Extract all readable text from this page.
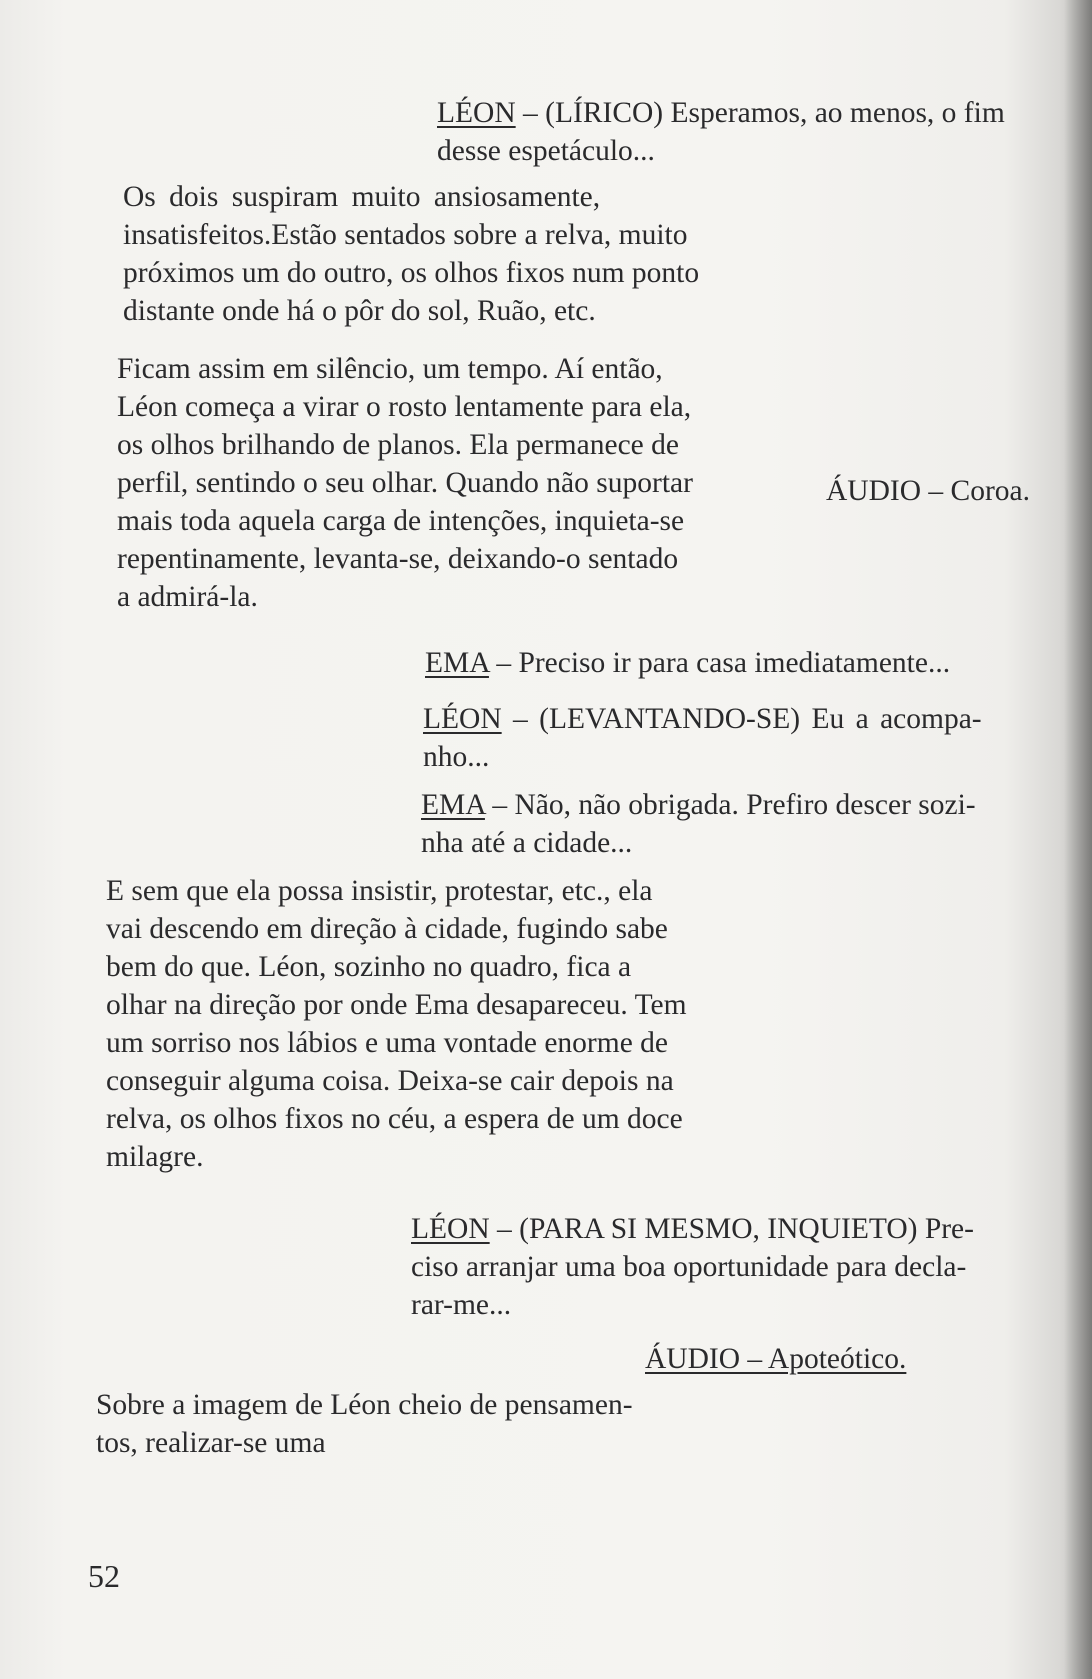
LÉON – (LÍRICO) Esperamos, ao menos, o fim
desse espetáculo...
Os dois suspiram muito ansiosamente,
insatisfeitos.Estão sentados sobre a relva, muito
próximos um do outro, os olhos fixos num ponto
distante onde há o pôr do sol, Ruão, etc.
Ficam assim em silêncio, um tempo. Aí então,
Léon começa a virar o rosto lentamente para ela,
os olhos brilhando de planos. Ela permanece de
perfil, sentindo o seu olhar. Quando não suportar
mais toda aquela carga de intenções, inquieta-se
repentinamente, levanta-se, deixando-o sentado
a admirá-la.
ÁUDIO – Coroa.
EMA – Preciso ir para casa imediatamente...
LÉON – (LEVANTANDO-SE) Eu a acompa-
nho...
EMA – Não, não obrigada. Prefiro descer sozi-
nha até a cidade...
E sem que ela possa insistir, protestar, etc., ela
vai descendo em direção à cidade, fugindo sabe
bem do que. Léon, sozinho no quadro, fica a
olhar na direção por onde Ema desapareceu. Tem
um sorriso nos lábios e uma vontade enorme de
conseguir alguma coisa. Deixa-se cair depois na
relva, os olhos fixos no céu, a espera de um doce
milagre.
LÉON – (PARA SI MESMO, INQUIETO) Pre-
ciso arranjar uma boa oportunidade para decla-
rar-me...
ÁUDIO – Apoteótico.
Sobre a imagem de Léon cheio de pensamen-
tos, realizar-se uma
52
